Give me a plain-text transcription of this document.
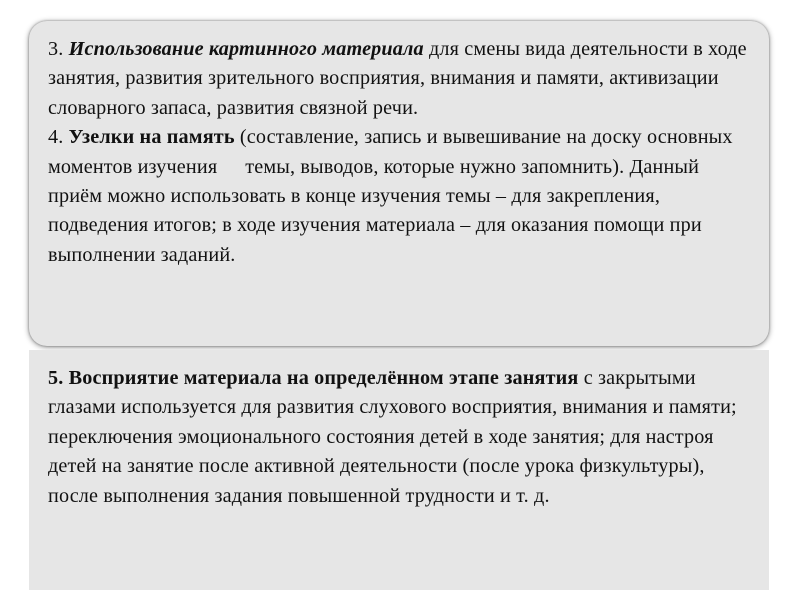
3. Использование картинного материала для смены вида деятельности в ходе занятия, развития зрительного восприятия, внимания и памяти, активизации словарного запаса, развития связной речи.

4. Узелки на память (составление, запись и вывешивание на доску основных моментов изучения темы, выводов, которые нужно запомнить). Данный приём можно использовать в конце изучения темы – для закрепления, подведения итогов; в ходе изучения материала – для оказания помощи при выполнении заданий.

5. Восприятие материала на определённом этапе занятия с закрытыми глазами используется для развития слухового восприятия, внимания и памяти; переключения эмоционального состояния детей в ходе занятия; для настроя детей на занятие после активной деятельности (после урока физкультуры), после выполнения задания повышенной трудности и т. д.
